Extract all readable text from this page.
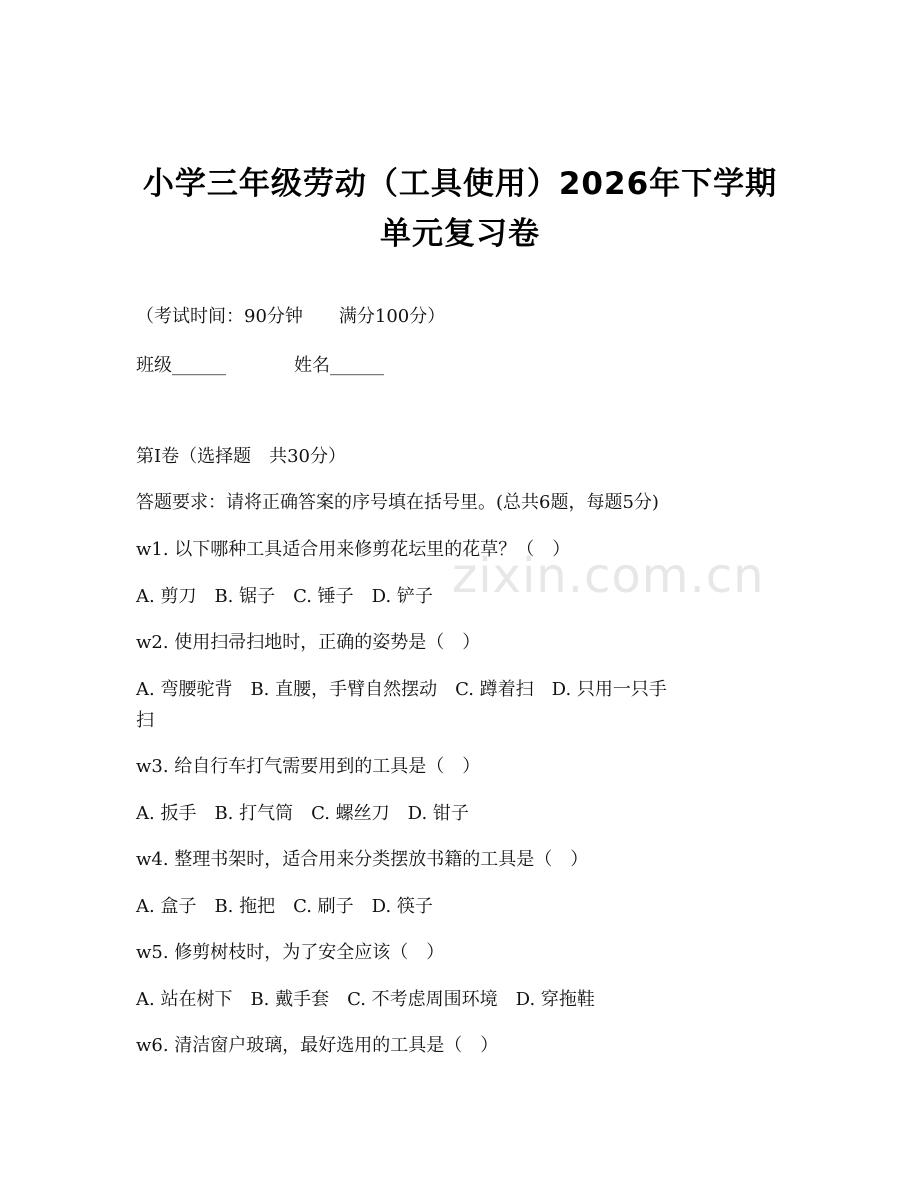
小学三年级劳动（工具使用）2026年下学期
单元复习卷
（考试时间：90分钟　　满分100分）
班级______	姓名______
第I卷（选择题　共30分）
答题要求：请将正确答案的序号填在括号里。(总共6题，每题5分)
w1. 以下哪种工具适合用来修剪花坛里的花草？（　）
A. 剪刀　B. 锯子　C. 锤子　D. 铲子
w2. 使用扫帚扫地时，正确的姿势是（　）
A. 弯腰驼背　B. 直腰，手臂自然摆动　C. 蹲着扫　D. 只用一只手
扫
w3. 给自行车打气需要用到的工具是（　）
A. 扳手　B. 打气筒　C. 螺丝刀　D. 钳子
w4. 整理书架时，适合用来分类摆放书籍的工具是（　）
A. 盒子　B. 拖把　C. 刷子　D. 筷子
w5. 修剪树枝时，为了安全应该（　）
A. 站在树下　B. 戴手套　C. 不考虑周围环境　D. 穿拖鞋
w6. 清洁窗户玻璃，最好选用的工具是（　）
zixin.com.cn
